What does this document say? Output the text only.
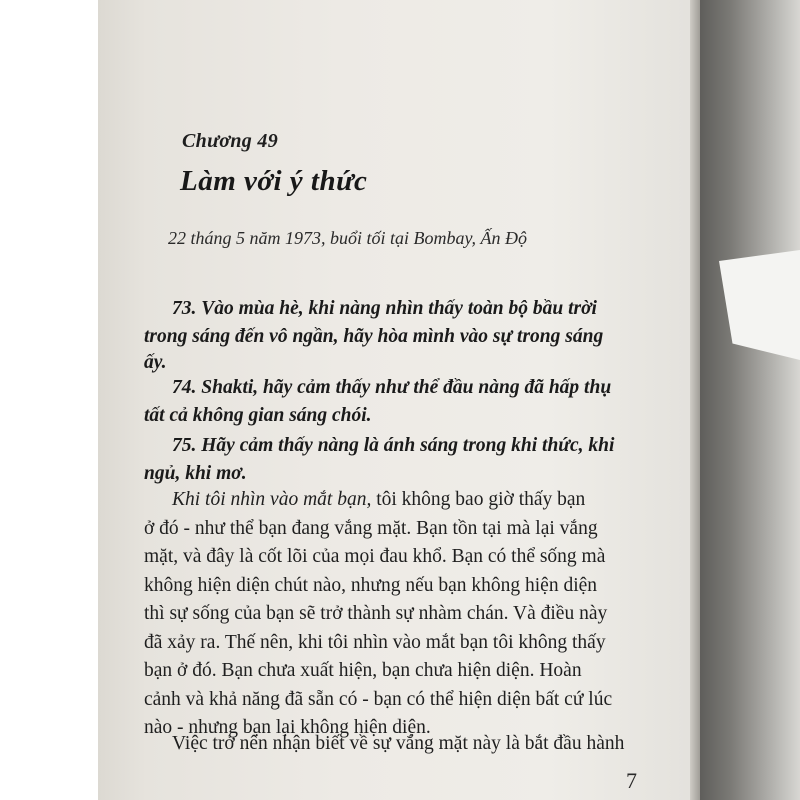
Chương 49
Làm với ý thức
22 tháng 5 năm 1973, buổi tối tại Bombay, Ấn Độ
73. Vào mùa hè, khi nàng nhìn thấy toàn bộ bầu trời
trong sáng đến vô ngần, hãy hòa mình vào sự trong sáng
ấy.
74. Shakti, hãy cảm thấy như thể đầu nàng đã hấp thụ
tất cả không gian sáng chói.
75. Hãy cảm thấy nàng là ánh sáng trong khi thức, khi
ngủ, khi mơ.
Khi tôi nhìn vào mắt bạn, tôi không bao giờ thấy bạn
ở đó - như thể bạn đang vắng mặt. Bạn tồn tại mà lại vắng
mặt, và đây là cốt lõi của mọi đau khổ. Bạn có thể sống mà
không hiện diện chút nào, nhưng nếu bạn không hiện diện
thì sự sống của bạn sẽ trở thành sự nhàm chán. Và điều này
đã xảy ra. Thế nên, khi tôi nhìn vào mắt bạn tôi không thấy
bạn ở đó. Bạn chưa xuất hiện, bạn chưa hiện diện. Hoàn
cảnh và khả năng đã sẵn có - bạn có thể hiện diện bất cứ lúc
nào - nhưng bạn lại không hiện diện.
Việc trở nên nhận biết về sự vắng mặt này là bắt đầu hành
7
